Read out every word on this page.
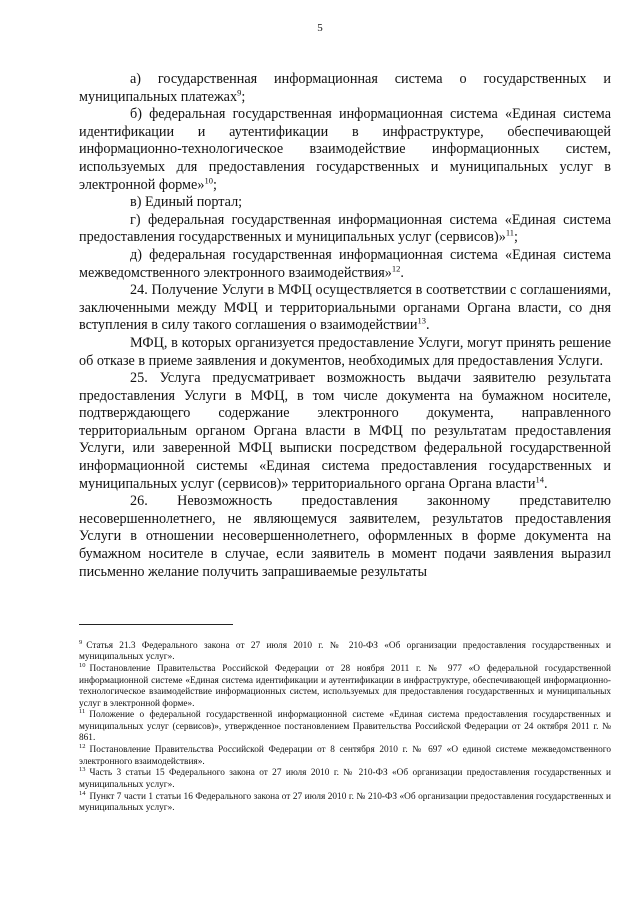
5

а) государственная информационная система о государственных и муниципальных платежах$^9$;

б) федеральная государственная информационная система «Единая система идентификации и аутентификации в инфраструктуре, обеспечивающей информационно-технологическое взаимодействие информационных систем, используемых для предоставления государственных и муниципальных услуг в электронной форме»$^{10}$;

в) Единый портал;

г) федеральная государственная информационная система «Единая система предоставления государственных и муниципальных услуг (сервисов)»$^{11}$;

д) федеральная государственная информационная система «Единая система межведомственного электронного взаимодействия»$^{12}$.

24. Получение Услуги в МФЦ осуществляется в соответствии с соглашениями, заключенными между МФЦ и территориальными органами Органа власти, со дня вступления в силу такого соглашения о взаимодействии$^{13}$.

МФЦ, в которых организуется предоставление Услуги, могут принять решение об отказе в приеме заявления и документов, необходимых для предоставления Услуги.

25. Услуга предусматривает возможность выдачи заявителю результата предоставления Услуги в МФЦ, в том числе документа на бумажном носителе, подтверждающего содержание электронного документа, направленного территориальным органом Органа власти в МФЦ по результатам предоставления Услуги, или заверенной МФЦ выписки посредством федеральной государственной информационной системы «Единая система предоставления государственных и муниципальных услуг (сервисов)» территориального органа Органа власти$^{14}$.

26. Невозможность предоставления законному представителю несовершеннолетнего, не являющемуся заявителем, результатов предоставления Услуги в отношении несовершеннолетнего, оформленных в форме документа на бумажном носителе в случае, если заявитель в момент подачи заявления выразил письменно желание получить запрашиваемые результаты

$^9$ Статья 21.3 Федерального закона от 27 июля 2010 г. № 210-ФЗ «Об организации предоставления государственных и муниципальных услуг».

$^{10}$ Постановление Правительства Российской Федерации от 28 ноября 2011 г. № 977 «О федеральной государственной информационной системе «Единая система идентификации и аутентификации в инфраструктуре, обеспечивающей информационно-технологическое взаимодействие информационных систем, используемых для предоставления государственных и муниципальных услуг в электронной форме».

$^{11}$ Положение о федеральной государственной информационной системе «Единая система предоставления государственных и муниципальных услуг (сервисов)», утвержденное постановлением Правительства Российской Федерации от 24 октября 2011 г. № 861.

$^{12}$ Постановление Правительства Российской Федерации от 8 сентября 2010 г. № 697 «О единой системе межведомственного электронного взаимодействия».

$^{13}$ Часть 3 статьи 15 Федерального закона от 27 июля 2010 г. № 210-ФЗ «Об организации предоставления государственных и муниципальных услуг».

$^{14}$ Пункт 7 части 1 статьи 16 Федерального закона от 27 июля 2010 г. № 210-ФЗ «Об организации предоставления государственных и муниципальных услуг».
